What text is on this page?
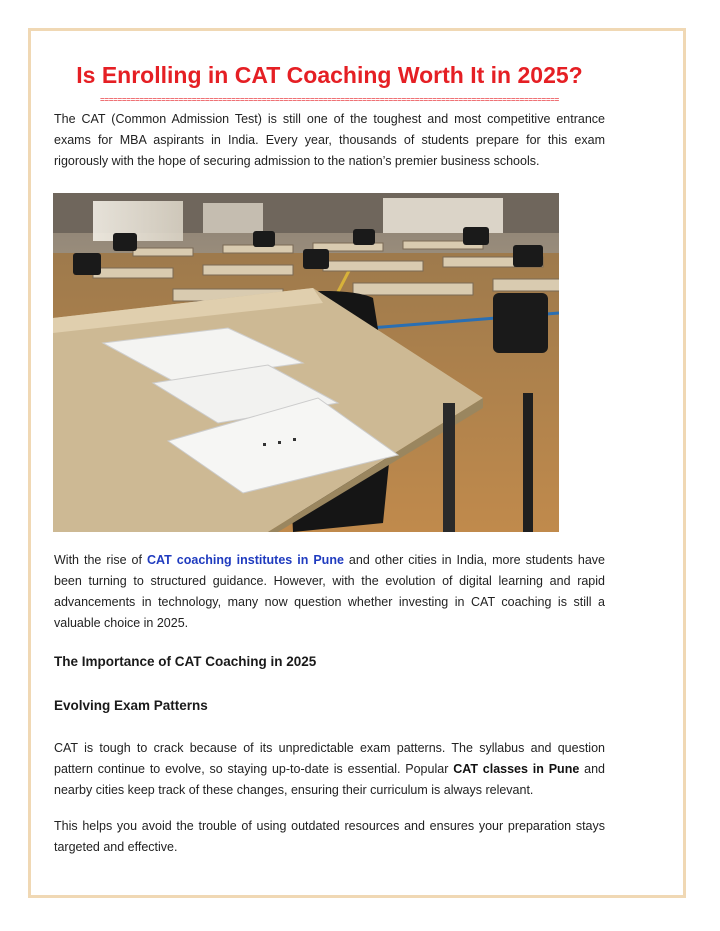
Is Enrolling in CAT Coaching Worth It in 2025?
=========================================================================================================

The CAT (Common Admission Test) is still one of the toughest and most competitive entrance exams for MBA aspirants in India. Every year, thousands of students prepare for this exam rigorously with the hope of securing admission to the nation’s premier business schools.

With the rise of CAT coaching institutes in Pune and other cities in India, more students have been turning to structured guidance. However, with the evolution of digital learning and rapid advancements in technology, many now question whether investing in CAT coaching is still a valuable choice in 2025.

The Importance of CAT Coaching in 2025
Evolving Exam Patterns

CAT is tough to crack because of its unpredictable exam patterns. The syllabus and question pattern continue to evolve, so staying up-to-date is essential. Popular CAT classes in Pune and nearby cities keep track of these changes, ensuring their curriculum is always relevant.

This helps you avoid the trouble of using outdated resources and ensures your preparation stays targeted and effective.
